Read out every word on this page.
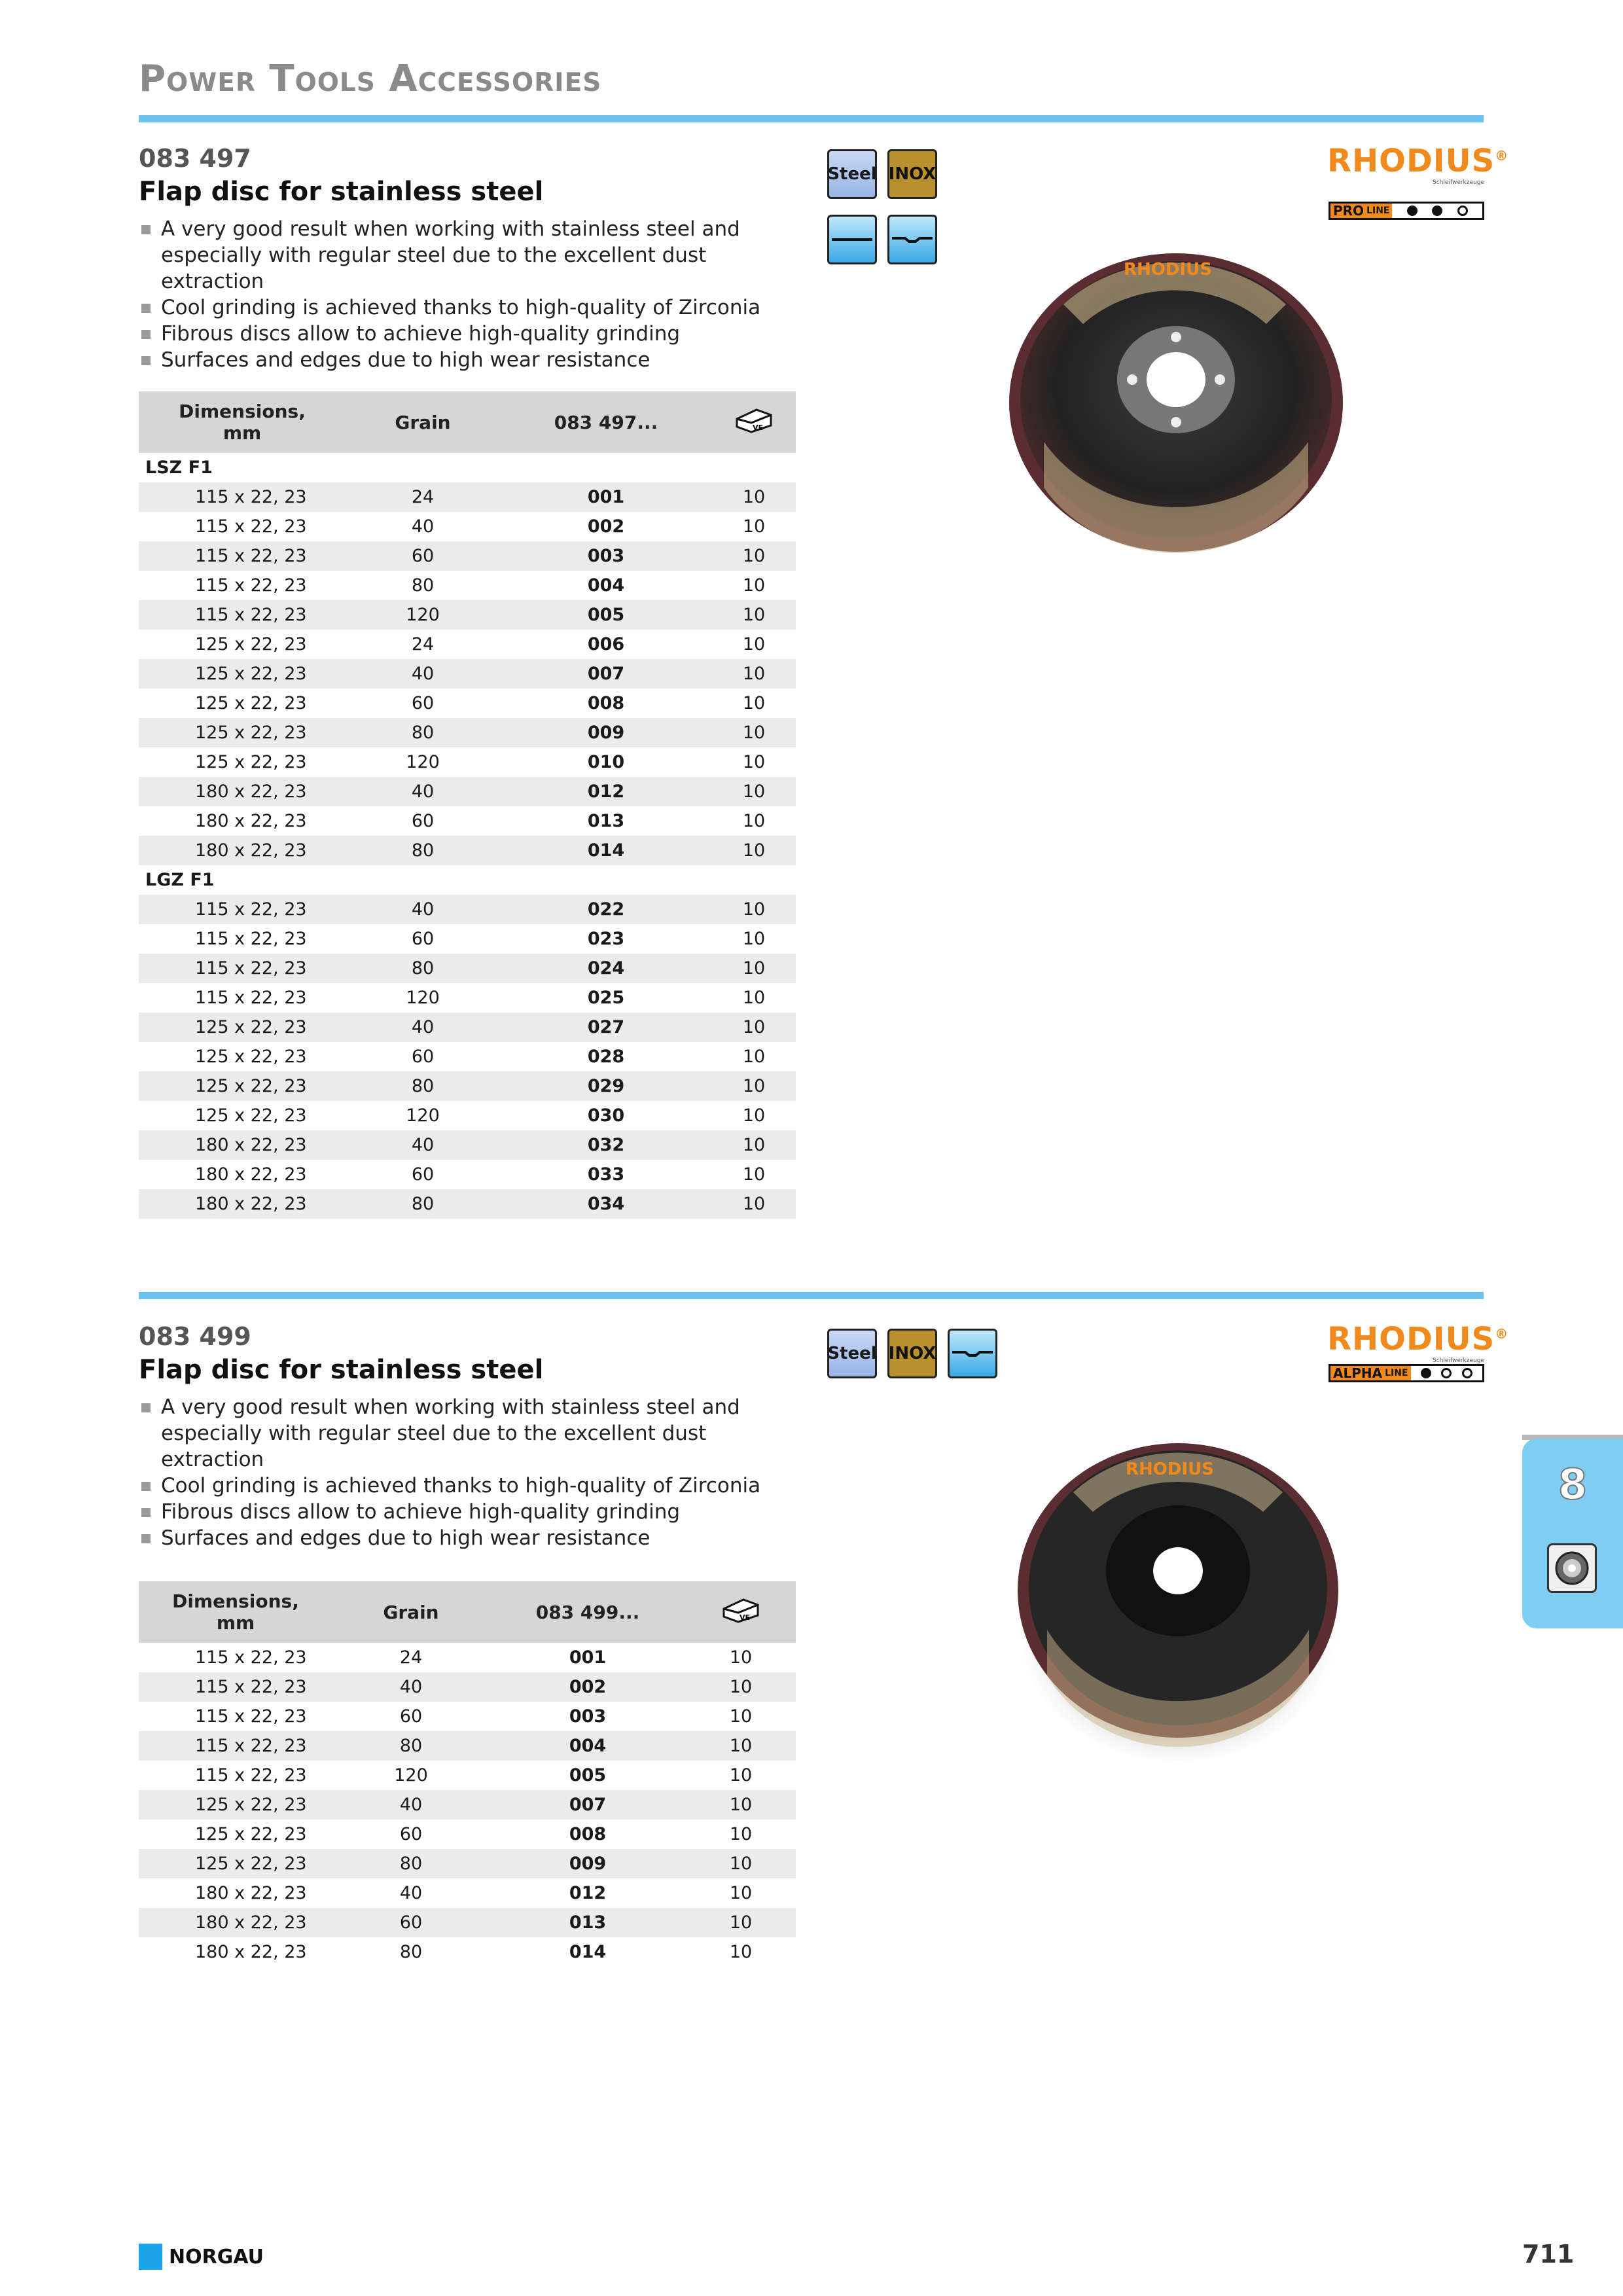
Power Tools Accessories
083 497
Flap disc for stainless steel
A very good result when working with stainless steel and especially with regular steel due to the excellent dust extraction
Cool grinding is achieved thanks to high-quality of Zirconia
Fibrous discs allow to achieve high-quality grinding
Surfaces and edges due to high wear resistance
Steel INOX	RHODIUS®
Schleifwerkzeuge
PRO LINE
RHODIUS
Dimensions, mm	Grain	083 497...	VE

LSZ F1			
115 x 22, 23	24	001	10
115 x 22, 23	40	002	10
115 x 22, 23	60	003	10
115 x 22, 23	80	004	10
115 x 22, 23	120	005	10
125 x 22, 23	24	006	10
125 x 22, 23	40	007	10
125 x 22, 23	60	008	10
125 x 22, 23	80	009	10
125 x 22, 23	120	010	10
180 x 22, 23	40	012	10
180 x 22, 23	60	013	10
180 x 22, 23	80	014	10
LGZ F1			
115 x 22, 23	40	022	10
115 x 22, 23	60	023	10
115 x 22, 23	80	024	10
115 x 22, 23	120	025	10
125 x 22, 23	40	027	10
125 x 22, 23	60	028	10
125 x 22, 23	80	029	10
125 x 22, 23	120	030	10
180 x 22, 23	40	032	10
180 x 22, 23	60	033	10
180 x 22, 23	80	034	10
083 499
Flap disc for stainless steel
A very good result when working with stainless steel and especially with regular steel due to the excellent dust extraction
Cool grinding is achieved thanks to high-quality of Zirconia
Fibrous discs allow to achieve high-quality grinding
Surfaces and edges due to high wear resistance
Steel INOX	RHODIUS®
Schleifwerkzeuge
ALPHA LINE
RHODIUS
Dimensions, mm	Grain	083 499...	VE

115 x 22, 23	24	001	10
115 x 22, 23	40	002	10
115 x 22, 23	60	003	10
115 x 22, 23	80	004	10
115 x 22, 23	120	005	10
125 x 22, 23	40	007	10
125 x 22, 23	60	008	10
125 x 22, 23	80	009	10
180 x 22, 23	40	012	10
180 x 22, 23	60	013	10
180 x 22, 23	80	014	10
8
NORGAU	711
